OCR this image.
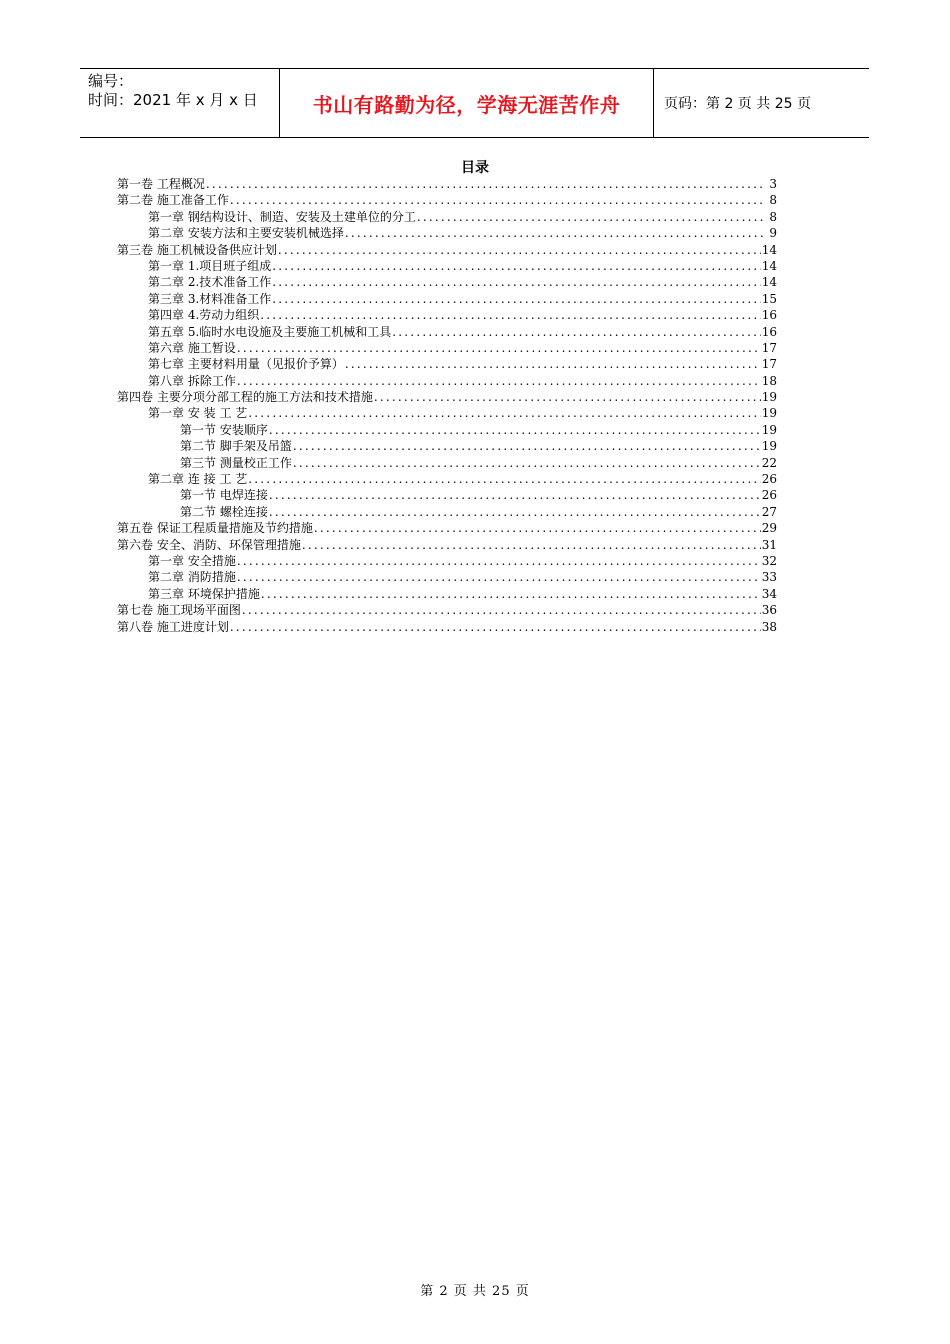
编号：
时间：2021 年 x 月 x 日	书山有路勤为径，学海无涯苦作舟	页码：第 2 页 共 25 页
目录
第一卷 工程概况 .....	3
第二卷 施工准备工作 .....	8
第一章 钢结构设计、制造、安装及土建单位的分工 .....	8
第二章 安装方法和主要安装机械选择 .....	9
第三卷 施工机械设备供应计划 .....	14
第一章 1.项目班子组成 .....	14
第二章 2.技术准备工作 .....	14
第三章 3.材料准备工作 .....	15
第四章 4.劳动力组织 .....	16
第五章 5.临时水电设施及主要施工机械和工具 .....	16
第六章 施工暂设 .....	17
第七章 主要材料用量（见报价予算） .....	17
第八章 拆除工作 .....	18
第四卷 主要分项分部工程的施工方法和技术措施 .....	19
第一章 安 装 工 艺 .....	19
第一节 安装顺序 .....	19
第二节 脚手架及吊篮 .....	19
第三节 测量校正工作 .....	22
第二章 连 接 工 艺 .....	26
第一节 电焊连接 .....	26
第二节 螺栓连接 .....	27
第五卷 保证工程质量措施及节约措施 .....	29
第六卷 安全、消防、环保管理措施 .....	31
第一章 安全措施 .....	32
第二章 消防措施 .....	33
第三章 环境保护措施 .....	34
第七卷 施工现场平面图 .....	36
第八卷 施工进度计划 .....	38
第 2 页 共 25 页
